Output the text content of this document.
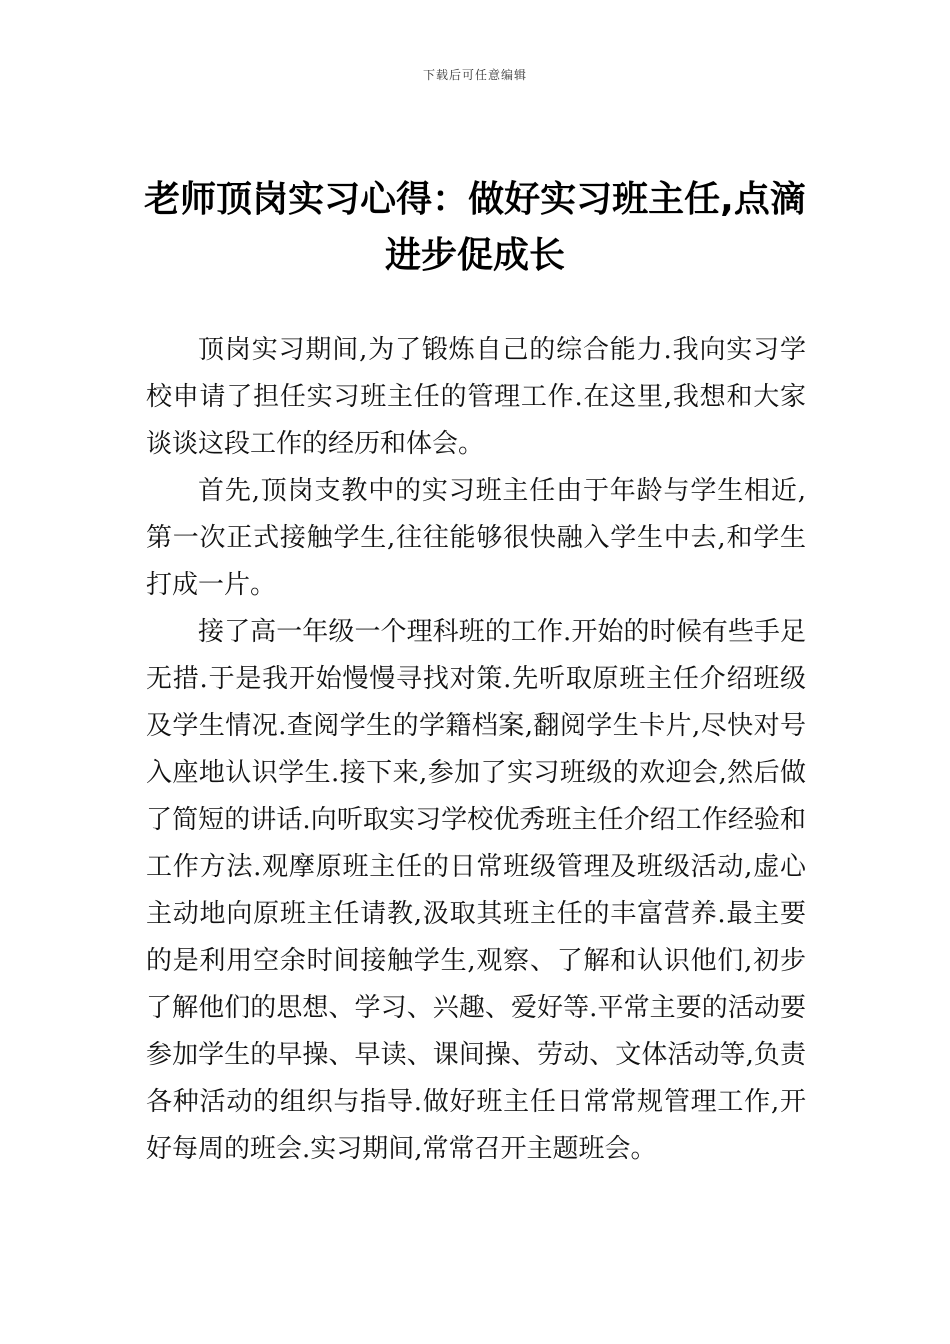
下载后可任意编辑
老师顶岗实习心得：做好实习班主任,点滴进步促成长

顶岗实习期间,为了锻炼自己的综合能力.我向实习学校申请了担任实习班主任的管理工作.在这里,我想和大家谈谈这段工作的经历和体会。

首先,顶岗支教中的实习班主任由于年龄与学生相近,第一次正式接触学生,往往能够很快融入学生中去,和学生打成一片。

接了高一年级一个理科班的工作.开始的时候有些手足无措.于是我开始慢慢寻找对策.先听取原班主任介绍班级及学生情况.查阅学生的学籍档案,翻阅学生卡片,尽快对号入座地认识学生.接下来,参加了实习班级的欢迎会,然后做了简短的讲话.向听取实习学校优秀班主任介绍工作经验和工作方法.观摩原班主任的日常班级管理及班级活动,虚心主动地向原班主任请教,汲取其班主任的丰富营养.最主要的是利用空余时间接触学生,观察、了解和认识他们,初步了解他们的思想、学习、兴趣、爱好等.平常主要的活动要参加学生的早操、早读、课间操、劳动、文体活动等,负责各种活动的组织与指导.做好班主任日常常规管理工作,开好每周的班会.实习期间,常常召开主题班会。
